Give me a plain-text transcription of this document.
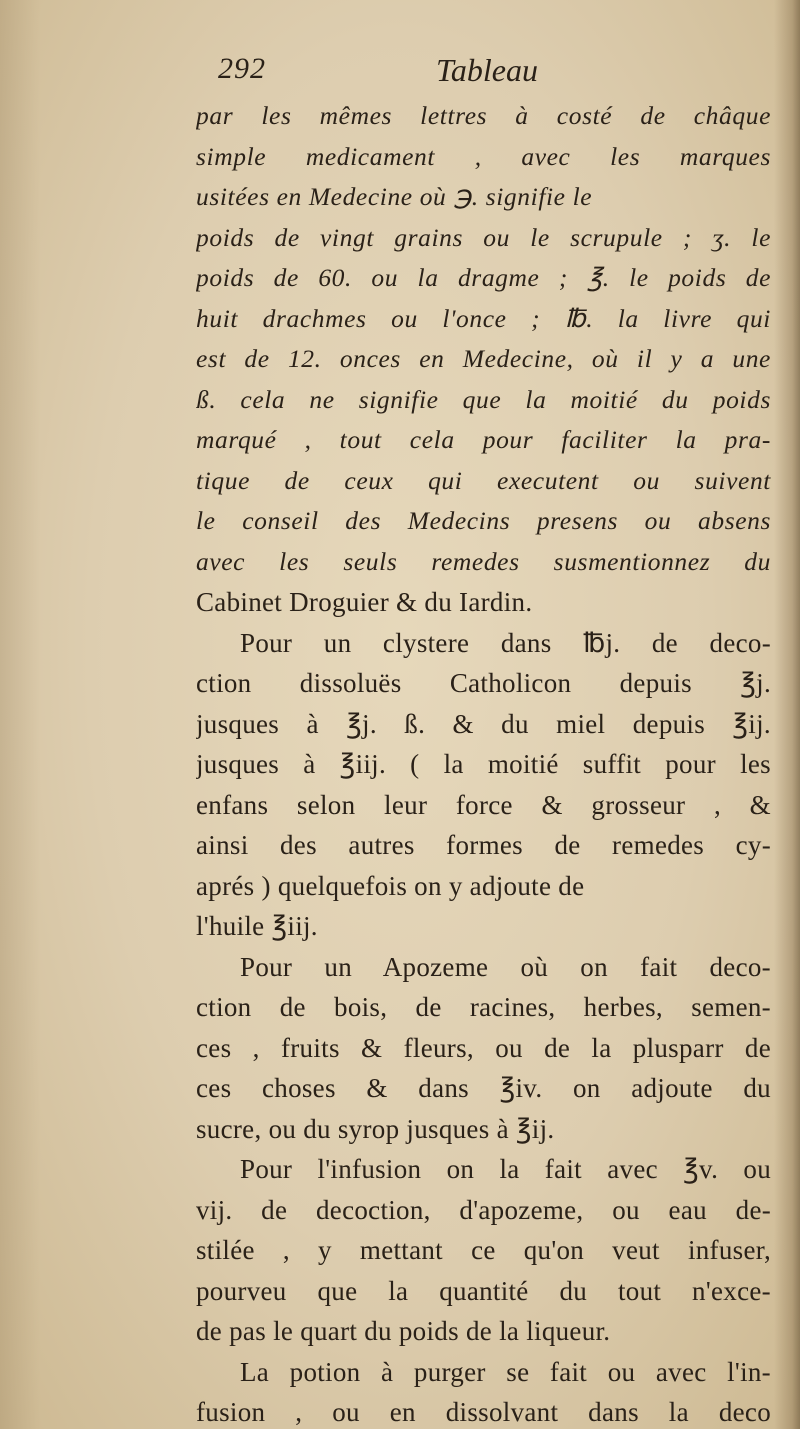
292	Tableau
par les mêmes lettres à costé de châque
simple medicament , avec les marques
usitées en Medecine où ℈. signifie le
poids de vingt grains ou le scrupule ; ʒ. le
poids de 60. ou la dragme ; ℥. le poids de
huit drachmes ou l'once ; ℔. la livre qui
est de 12. onces en Medecine, où il y a une
ß. cela ne signifie que la moitié du poids
marqué , tout cela pour faciliter la pra-
tique de ceux qui executent ou suivent
le conseil des Medecins presens ou absens
avec les seuls remedes susmentionnez du
Cabinet Droguier & du Iardin.
Pour un clystere dans ℔j. de deco-
ction dissoluës Catholicon depuis ℥j.
jusques à ℥j. ß. & du miel depuis ℥ij.
jusques à ℥iij. ( la moitié suffit pour les
enfans selon leur force & grosseur , &
ainsi des autres formes de remedes cy-
aprés ) quelquefois on y adjoute de
l'huile ℥iij.
Pour un Apozeme où on fait deco-
ction de bois, de racines, herbes, semen-
ces , fruits & fleurs, ou de la plusparr de
ces choses & dans ℥iv. on adjoute du
sucre, ou du syrop jusques à ℥ij.
Pour l'infusion on la fait avec ℥v. ou
vij. de decoction, d'apozeme, ou eau de-
stilée , y mettant ce qu'on veut infuser,
pourveu que la quantité du tout n'exce-
de pas le quart du poids de la liqueur.
La potion à purger se fait ou avec l'in-
fusion , ou en dissolvant dans la deco
